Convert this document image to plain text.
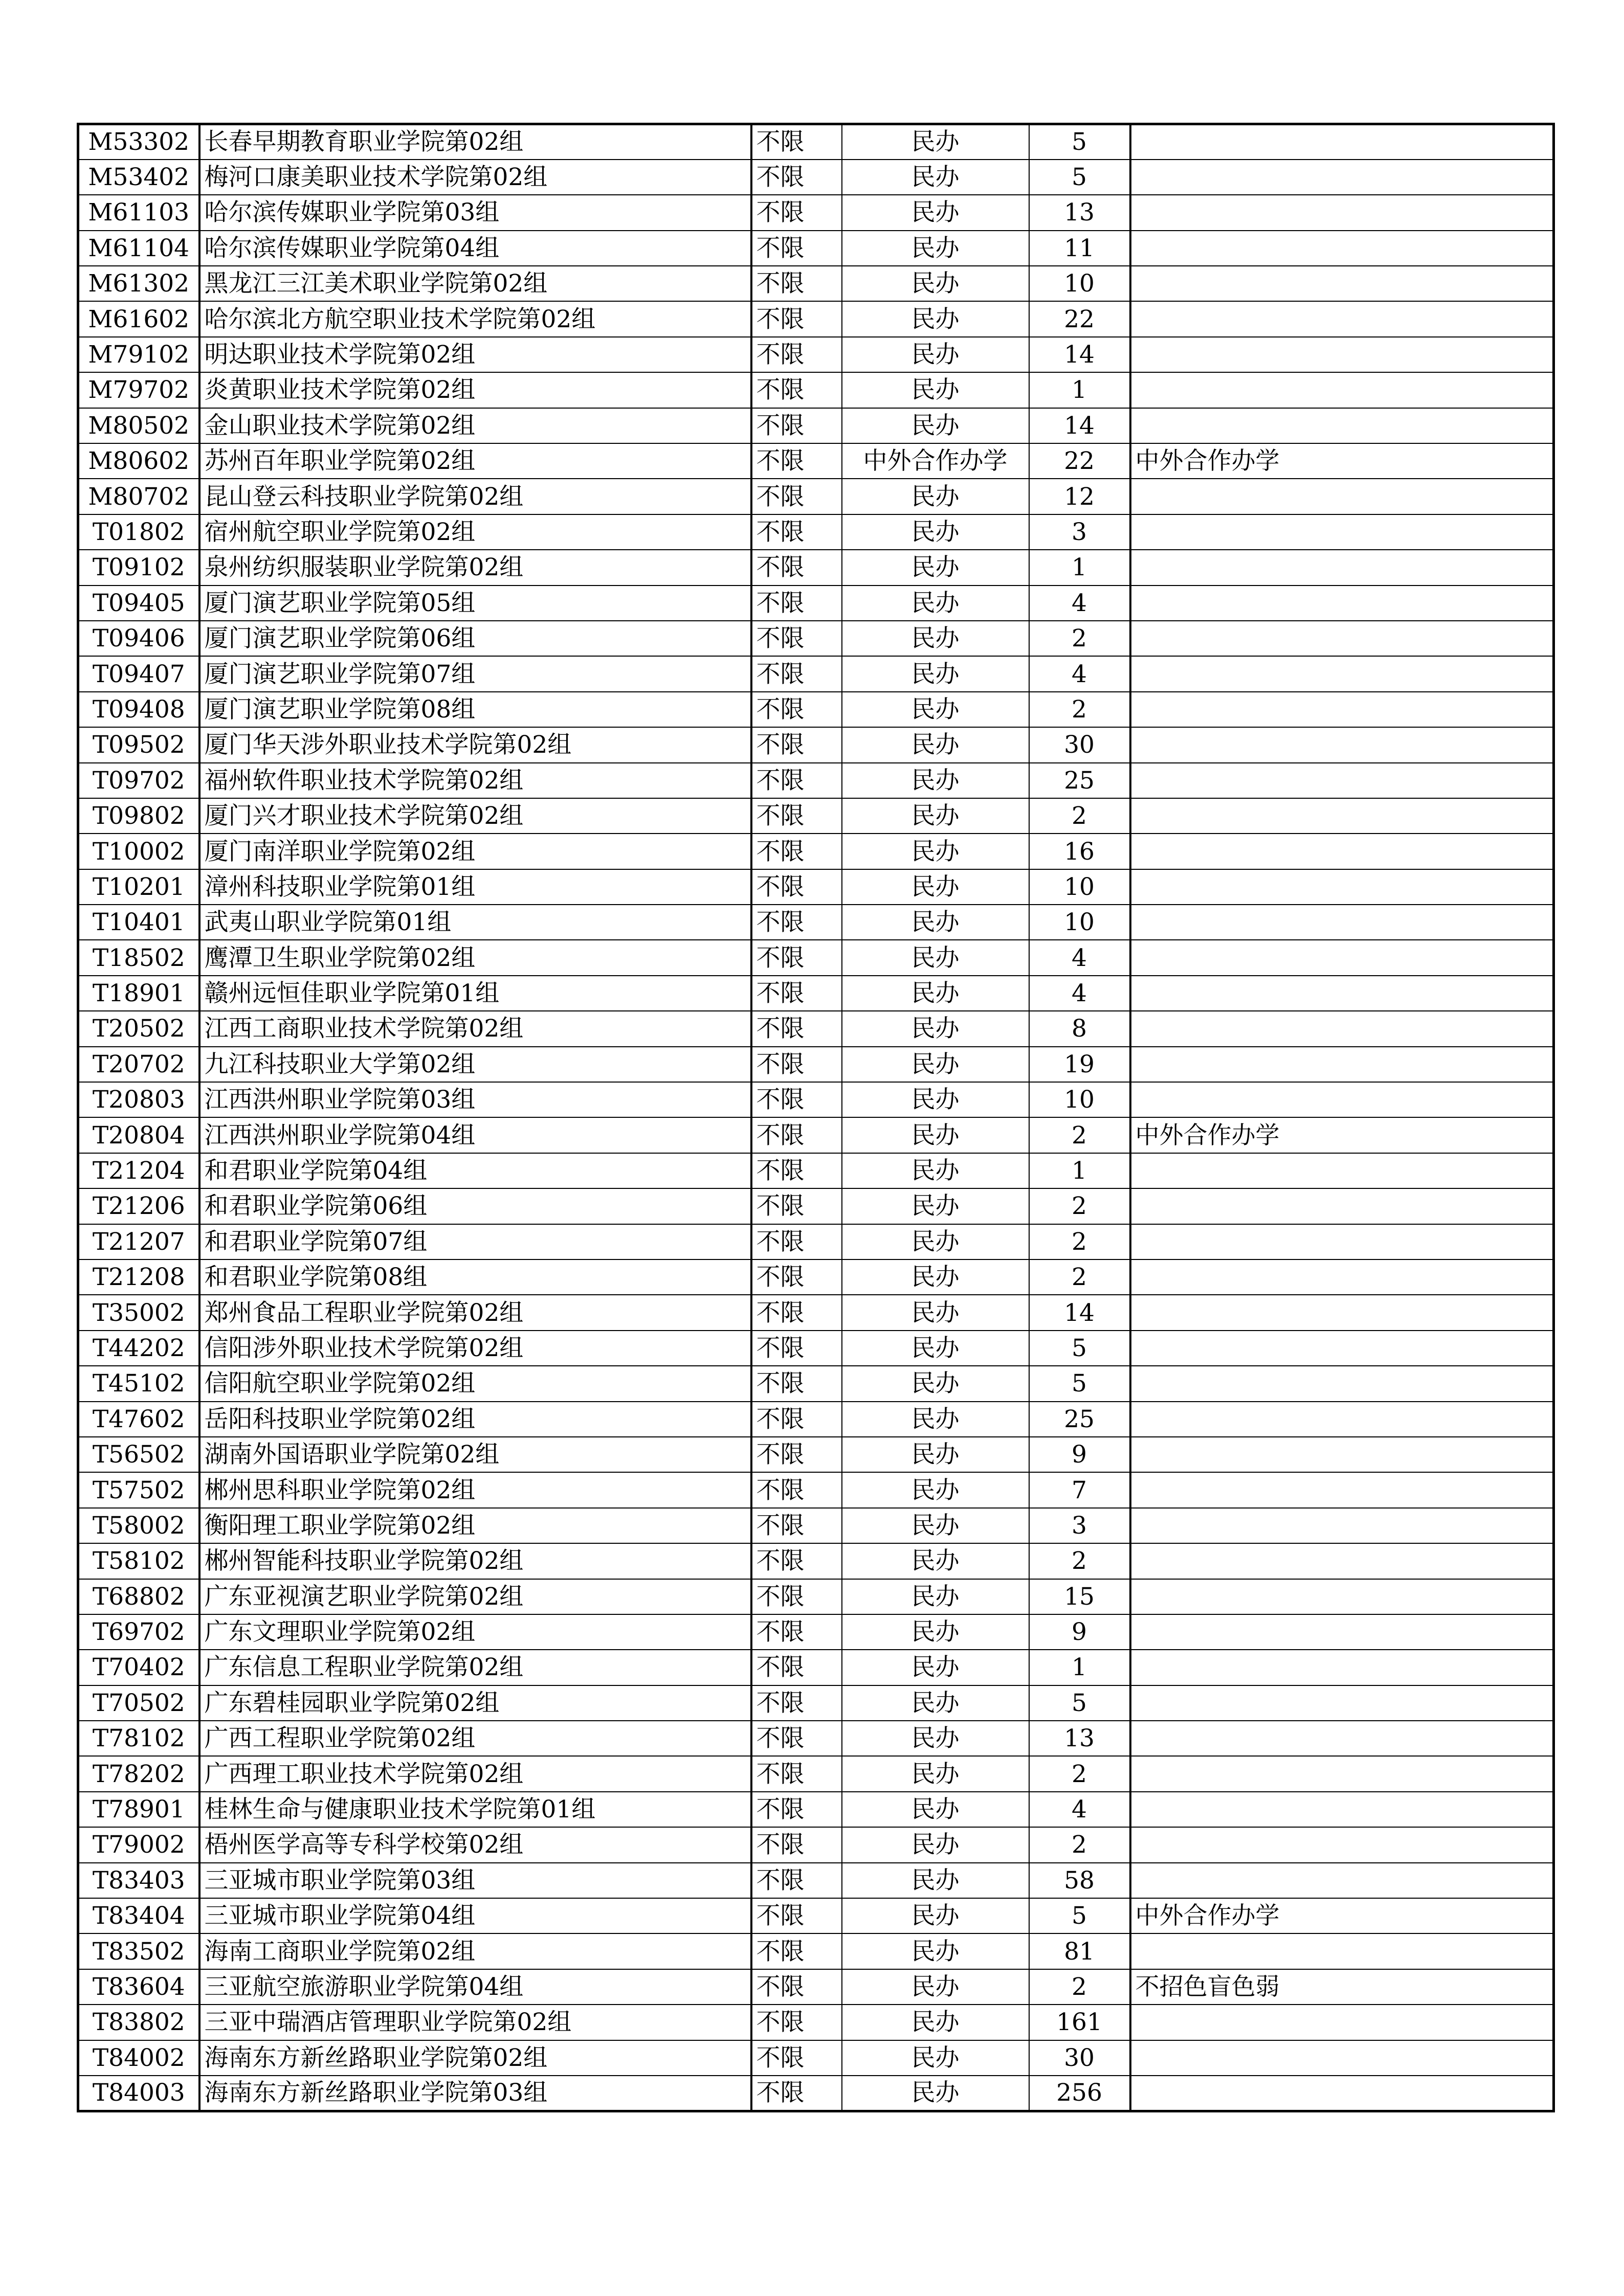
M53302	长春早期教育职业学院第02组	不限	民办	5	
M53402	梅河口康美职业技术学院第02组	不限	民办	5	
M61103	哈尔滨传媒职业学院第03组	不限	民办	13	
M61104	哈尔滨传媒职业学院第04组	不限	民办	11	
M61302	黑龙江三江美术职业学院第02组	不限	民办	10	
M61602	哈尔滨北方航空职业技术学院第02组	不限	民办	22	
M79102	明达职业技术学院第02组	不限	民办	14	
M79702	炎黄职业技术学院第02组	不限	民办	1	
M80502	金山职业技术学院第02组	不限	民办	14	
M80602	苏州百年职业学院第02组	不限	中外合作办学	22	中外合作办学
M80702	昆山登云科技职业学院第02组	不限	民办	12	
T01802	宿州航空职业学院第02组	不限	民办	3	
T09102	泉州纺织服装职业学院第02组	不限	民办	1	
T09405	厦门演艺职业学院第05组	不限	民办	4	
T09406	厦门演艺职业学院第06组	不限	民办	2	
T09407	厦门演艺职业学院第07组	不限	民办	4	
T09408	厦门演艺职业学院第08组	不限	民办	2	
T09502	厦门华天涉外职业技术学院第02组	不限	民办	30	
T09702	福州软件职业技术学院第02组	不限	民办	25	
T09802	厦门兴才职业技术学院第02组	不限	民办	2	
T10002	厦门南洋职业学院第02组	不限	民办	16	
T10201	漳州科技职业学院第01组	不限	民办	10	
T10401	武夷山职业学院第01组	不限	民办	10	
T18502	鹰潭卫生职业学院第02组	不限	民办	4	
T18901	赣州远恒佳职业学院第01组	不限	民办	4	
T20502	江西工商职业技术学院第02组	不限	民办	8	
T20702	九江科技职业大学第02组	不限	民办	19	
T20803	江西洪州职业学院第03组	不限	民办	10	
T20804	江西洪州职业学院第04组	不限	民办	2	中外合作办学
T21204	和君职业学院第04组	不限	民办	1	
T21206	和君职业学院第06组	不限	民办	2	
T21207	和君职业学院第07组	不限	民办	2	
T21208	和君职业学院第08组	不限	民办	2	
T35002	郑州食品工程职业学院第02组	不限	民办	14	
T44202	信阳涉外职业技术学院第02组	不限	民办	5	
T45102	信阳航空职业学院第02组	不限	民办	5	
T47602	岳阳科技职业学院第02组	不限	民办	25	
T56502	湖南外国语职业学院第02组	不限	民办	9	
T57502	郴州思科职业学院第02组	不限	民办	7	
T58002	衡阳理工职业学院第02组	不限	民办	3	
T58102	郴州智能科技职业学院第02组	不限	民办	2	
T68802	广东亚视演艺职业学院第02组	不限	民办	15	
T69702	广东文理职业学院第02组	不限	民办	9	
T70402	广东信息工程职业学院第02组	不限	民办	1	
T70502	广东碧桂园职业学院第02组	不限	民办	5	
T78102	广西工程职业学院第02组	不限	民办	13	
T78202	广西理工职业技术学院第02组	不限	民办	2	
T78901	桂林生命与健康职业技术学院第01组	不限	民办	4	
T79002	梧州医学高等专科学校第02组	不限	民办	2	
T83403	三亚城市职业学院第03组	不限	民办	58	
T83404	三亚城市职业学院第04组	不限	民办	5	中外合作办学
T83502	海南工商职业学院第02组	不限	民办	81	
T83604	三亚航空旅游职业学院第04组	不限	民办	2	不招色盲色弱
T83802	三亚中瑞酒店管理职业学院第02组	不限	民办	161	
T84002	海南东方新丝路职业学院第02组	不限	民办	30	
T84003	海南东方新丝路职业学院第03组	不限	民办	256	
